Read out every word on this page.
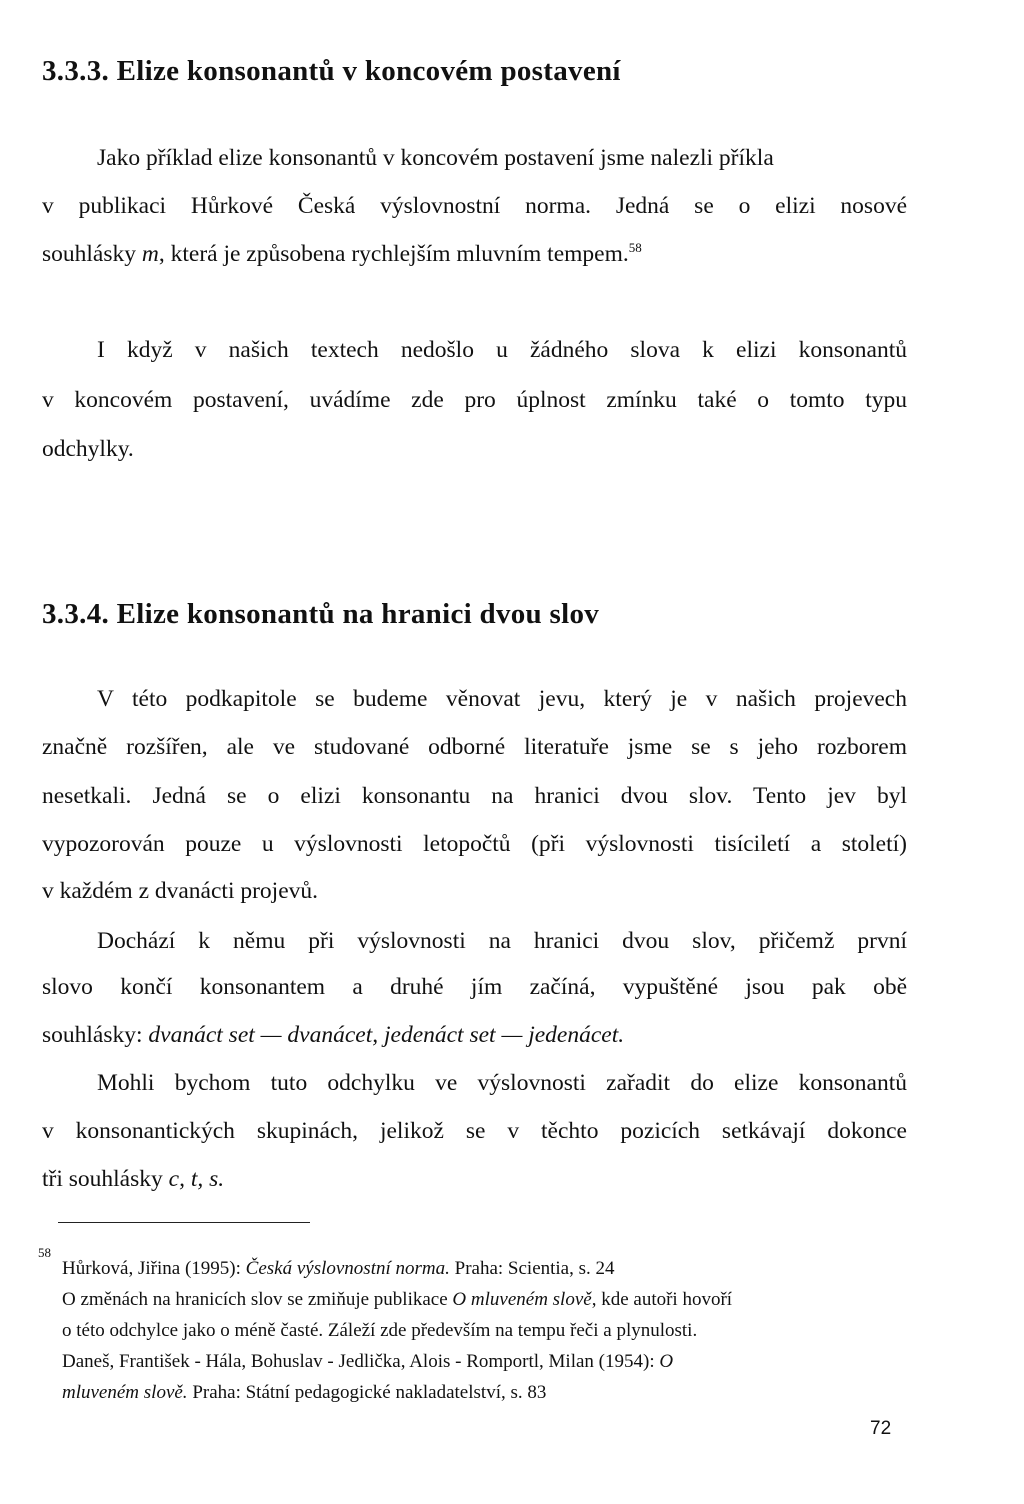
3.3.3. Elize konsonantů v koncovém postavení
Jako příklad elize konsonantů v koncovém postavení jsme nalezli příkla
v publikaci Hůrkové Česká výslovnostní norma. Jedná se o elizi nosové
souhlásky m, která je způsobena rychlejším mluvním tempem.$^{58}$
I když v našich textech nedošlo u žádného slova k elizi konsonantů
v koncovém postavení, uvádíme zde pro úplnost zmínku také o tomto typu
odchylky.
3.3.4. Elize konsonantů na hranici dvou slov
V této podkapitole se budeme věnovat jevu, který je v našich projevech
značně rozšířen, ale ve studované odborné literatuře jsme se s jeho rozborem
nesetkali. Jedná se o elizi konsonantu na hranici dvou slov. Tento jev byl
vypozorován pouze u výslovnosti letopočtů (při výslovnosti tisíciletí a století)
v každém z dvanácti projevů.
Dochází k němu při výslovnosti na hranici dvou slov, přičemž první
slovo končí konsonantem a druhé jím začíná, vypuštěné jsou pak obě
souhlásky: dvanáct set — dvanácet, jedenáct set — jedenácet.
Mohli bychom tuto odchylku ve výslovnosti zařadit do elize konsonantů
v konsonantických skupinách, jelikož se v těchto pozicích setkávají dokonce
tři souhlásky c, t, s.
58
Hůrková, Jiřina (1995): Česká výslovnostní norma. Praha: Scientia, s. 24
O změnách na hranicích slov se zmiňuje publikace O mluveném slově, kde autoři hovoří
o této odchylce jako o méně časté. Záleží zde především na tempu řeči a plynulosti.
Daneš, František - Hála, Bohuslav - Jedlička, Alois - Romportl, Milan (1954): O
mluveném slově. Praha: Státní pedagogické nakladatelství, s. 83
72
